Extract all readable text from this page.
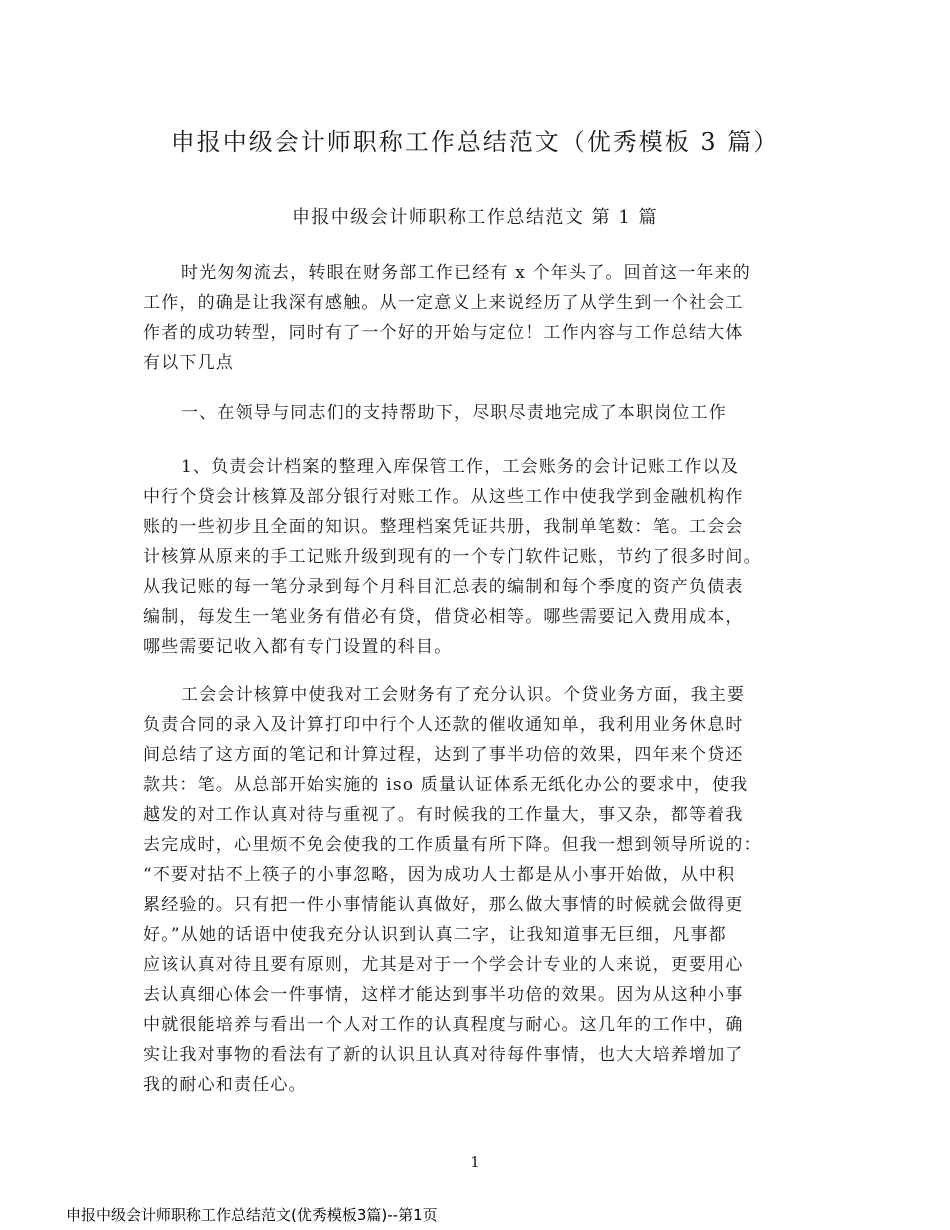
申报中级会计师职称工作总结范文（优秀模板 3 篇）
申报中级会计师职称工作总结范文 第 1 篇
时光匆匆流去，转眼在财务部工作已经有 x 个年头了。回首这一年来的
工作，的确是让我深有感触。从一定意义上来说经历了从学生到一个社会工
作者的成功转型，同时有了一个好的开始与定位！工作内容与工作总结大体
有以下几点
一、在领导与同志们的支持帮助下，尽职尽责地完成了本职岗位工作
1、负责会计档案的整理入库保管工作，工会账务的会计记账工作以及
中行个贷会计核算及部分银行对账工作。从这些工作中使我学到金融机构作
账的一些初步且全面的知识。整理档案凭证共册，我制单笔数：笔。工会会
计核算从原来的手工记账升级到现有的一个专门软件记账，节约了很多时间。
从我记账的每一笔分录到每个月科目汇总表的编制和每个季度的资产负债表
编制，每发生一笔业务有借必有贷，借贷必相等。哪些需要记入费用成本，
哪些需要记收入都有专门设置的科目。
工会会计核算中使我对工会财务有了充分认识。个贷业务方面，我主要
负责合同的录入及计算打印中行个人还款的催收通知单，我利用业务休息时
间总结了这方面的笔记和计算过程，达到了事半功倍的效果，四年来个贷还
款共：笔。从总部开始实施的 iso 质量认证体系无纸化办公的要求中，使我
越发的对工作认真对待与重视了。有时候我的工作量大，事又杂，都等着我
去完成时，心里烦不免会使我的工作质量有所下降。但我一想到领导所说的：
“不要对拈不上筷子的小事忽略，因为成功人士都是从小事开始做，从中积
累经验的。只有把一件小事情能认真做好，那么做大事情的时候就会做得更
好。”从她的话语中使我充分认识到认真二字，让我知道事无巨细，凡事都
应该认真对待且要有原则，尤其是对于一个学会计专业的人来说，更要用心
去认真细心体会一件事情，这样才能达到事半功倍的效果。因为从这种小事
中就很能培养与看出一个人对工作的认真程度与耐心。这几年的工作中，确
实让我对事物的看法有了新的认识且认真对待每件事情，也大大培养增加了
我的耐心和责任心。
1
申报中级会计师职称工作总结范文(优秀模板3篇)--第1页
